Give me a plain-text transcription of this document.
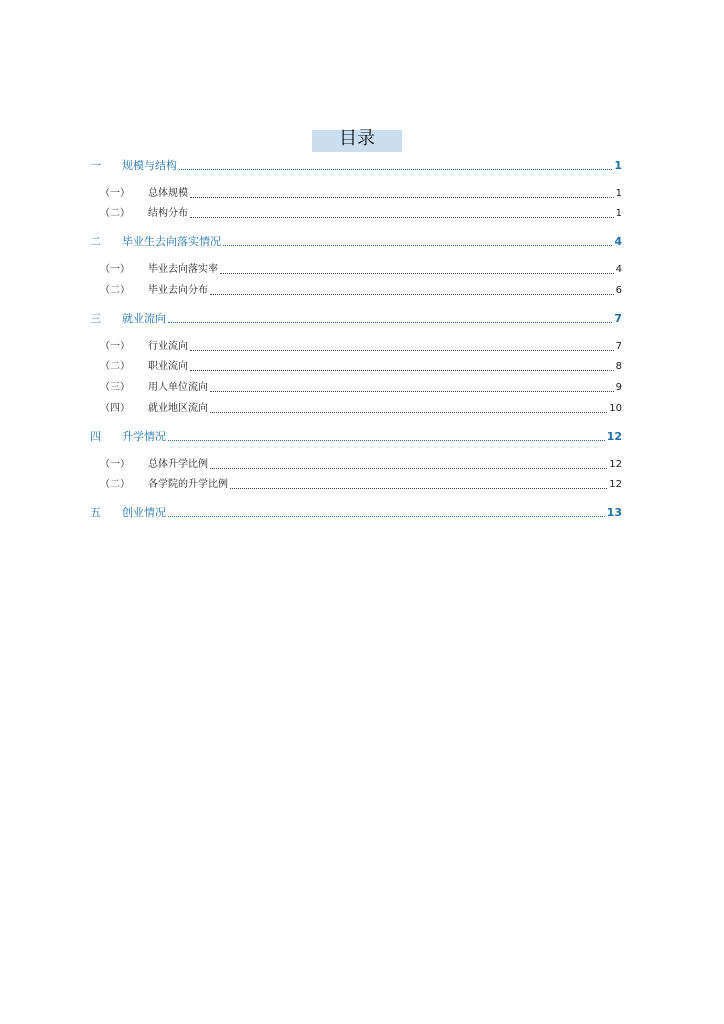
目录
一	规模与结构	1
（一）	总体规模	1
（二）	结构分布	1
二	毕业生去向落实情况	4
（一）	毕业去向落实率	4
（二）	毕业去向分布	6
三	就业流向	7
（一）	行业流向	7
（二）	职业流向	8
（三）	用人单位流向	9
（四）	就业地区流向	10
四	升学情况	12
（一）	总体升学比例	12
（二）	各学院的升学比例	12
五	创业情况	13
